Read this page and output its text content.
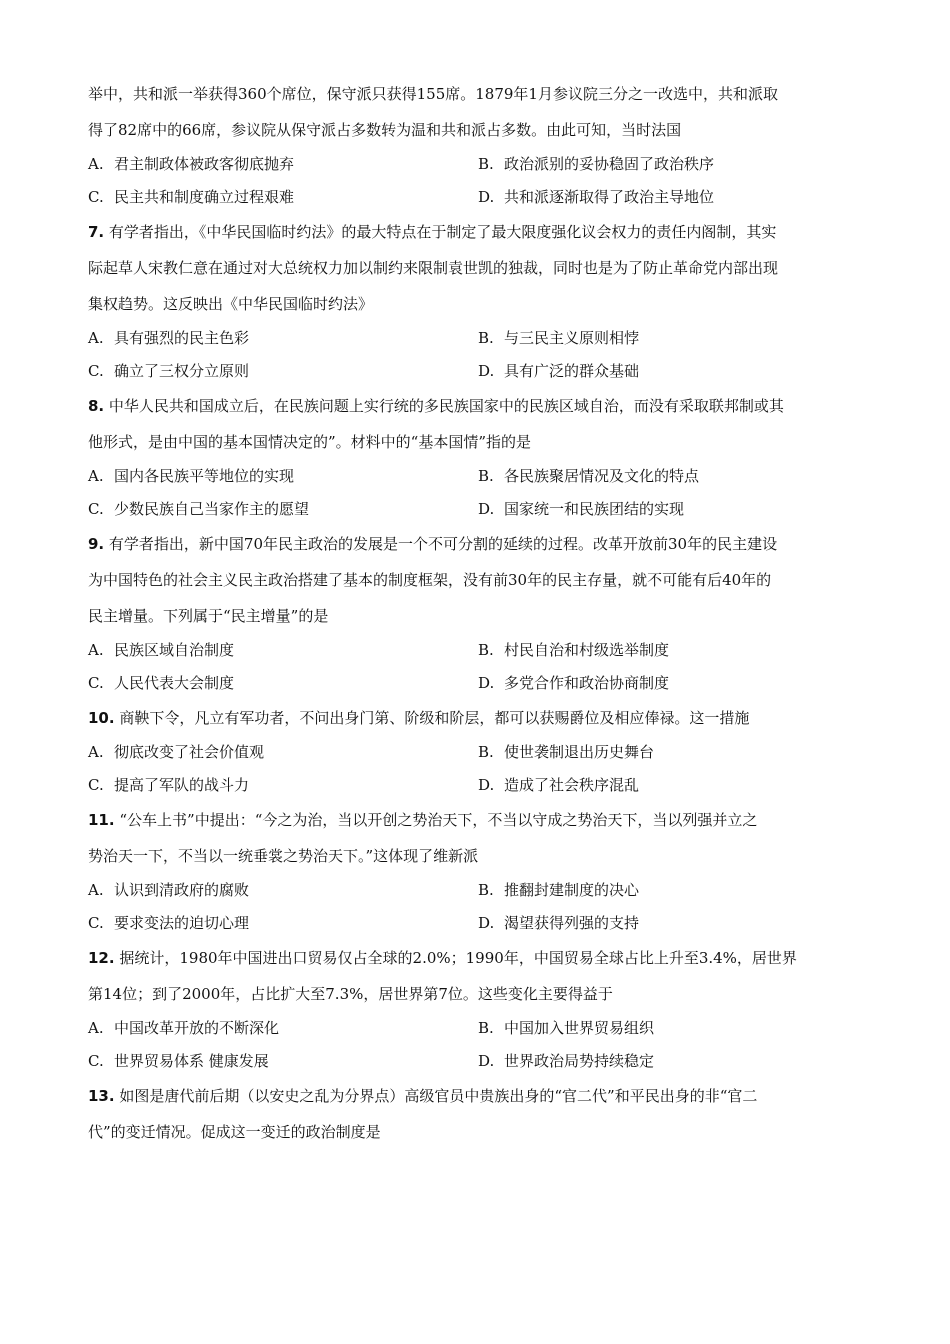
举中，共和派一举获得360个席位，保守派只获得155席。1879年1月参议院三分之一改选中，共和派取
得了82席中的66席，参议院从保守派占多数转为温和共和派占多数。由此可知，当时法国

A. 君主制政体被政客彻底抛弃	B. 政治派别的妥协稳固了政治秩序
C. 民主共和制度确立过程艰难	D. 共和派逐渐取得了政治主导地位

7. 有学者指出，《中华民国临时约法》的最大特点在于制定了最大限度强化议会权力的责任内阁制，其实
际起草人宋教仁意在通过对大总统权力加以制约来限制袁世凯的独裁，同时也是为了防止革命党内部出现
集权趋势。这反映出《中华民国临时约法》

A. 具有强烈的民主色彩	B. 与三民主义原则相悖
C. 确立了三权分立原则	D. 具有广泛的群众基础

8. 中华人民共和国成立后，在民族问题上实行统的多民族国家中的民族区域自治，而没有采取联邦制或其
他形式，是由中国的基本国情决定的”。材料中的“基本国情”指的是

A. 国内各民族平等地位的实现	B. 各民族聚居情况及文化的特点
C. 少数民族自己当家作主的愿望	D. 国家统一和民族团结的实现

9. 有学者指出，新中国70年民主政治的发展是一个不可分割的延续的过程。改革开放前30年的民主建设
为中国特色的社会主义民主政治搭建了基本的制度框架，没有前30年的民主存量，就不可能有后40年的
民主增量。下列属于“民主增量”的是

A. 民族区域自治制度	B. 村民自治和村级选举制度
C. 人民代表大会制度	D. 多党合作和政治协商制度

10. 商鞅下令，凡立有军功者，不问出身门第、阶级和阶层，都可以获赐爵位及相应俸禄。这一措施

A. 彻底改变了社会价值观	B. 使世袭制退出历史舞台
C. 提高了军队的战斗力	D. 造成了社会秩序混乱

11. “公车上书”中提出：“今之为治，当以开创之势治天下，不当以守成之势治天下，当以列强并立之
势治天一下，不当以一统垂裳之势治天下。”这体现了维新派

A. 认识到清政府的腐败	B. 推翻封建制度的决心
C. 要求变法的迫切心理	D. 渴望获得列强的支持

12. 据统计，1980年中国进出口贸易仅占全球的2.0%；1990年，中国贸易全球占比上升至3.4%，居世界
第14位；到了2000年，占比扩大至7.3%，居世界第7位。这些变化主要得益于

A. 中国改革开放的不断深化	B. 中国加入世界贸易组织
C. 世界贸易体系 健康发展	D. 世界政治局势持续稳定

13. 如图是唐代前后期（以安史之乱为分界点）高级官员中贵族出身的“官二代”和平民出身的非“官二
代”的变迁情况。促成这一变迁的政治制度是
